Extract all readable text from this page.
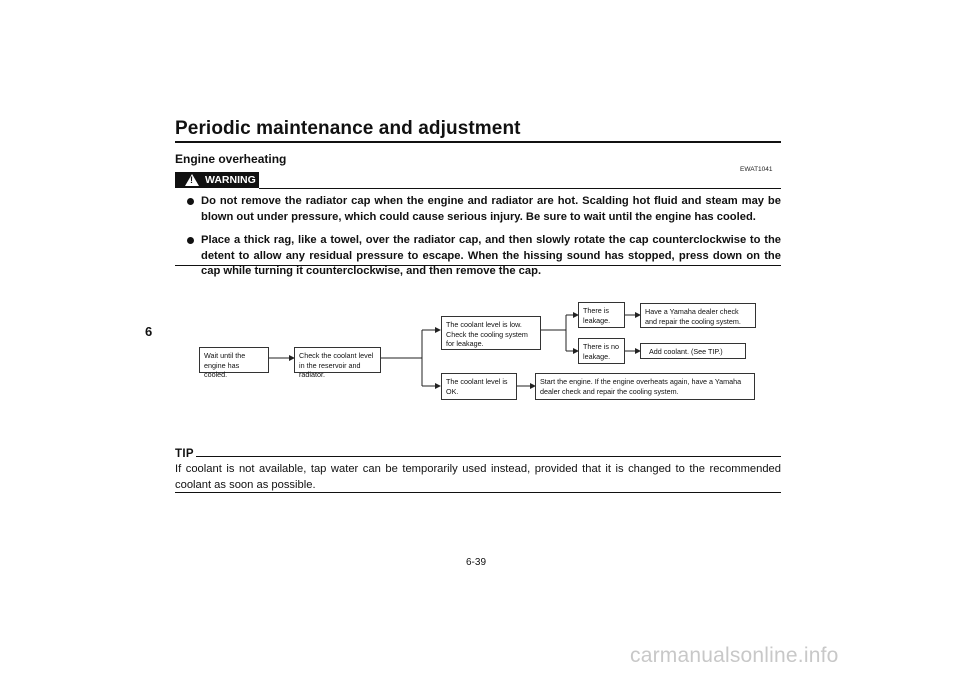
Periodic maintenance and adjustment
6
Engine overheating
EWAT1041
! WARNING
Do not remove the radiator cap when the engine and radiator are hot. Scalding hot fluid and steam may be blown out under pressure, which could cause serious injury. Be sure to wait until the engine has cooled.
Place a thick rag, like a towel, over the radiator cap, and then slowly rotate the cap counterclockwise to the detent to allow any residual pressure to escape. When the hissing sound has stopped, press down on the cap while turning it counterclockwise, and then remove the cap.
Wait until the engine has cooled.
Check the coolant level in the reservoir and radiator.
The coolant level is low. Check the cooling system for leakage.
The coolant level is OK.
There is leakage.
There is no leakage.
Have a Yamaha dealer check and repair the cooling system.
Add coolant. (See TIP.)
Start the engine. If the engine overheats again, have a Yamaha dealer check and repair the cooling system.
TIP
If coolant is not available, tap water can be temporarily used instead, provided that it is changed to the recommended coolant as soon as possible.
6-39
carmanualsonline.info
